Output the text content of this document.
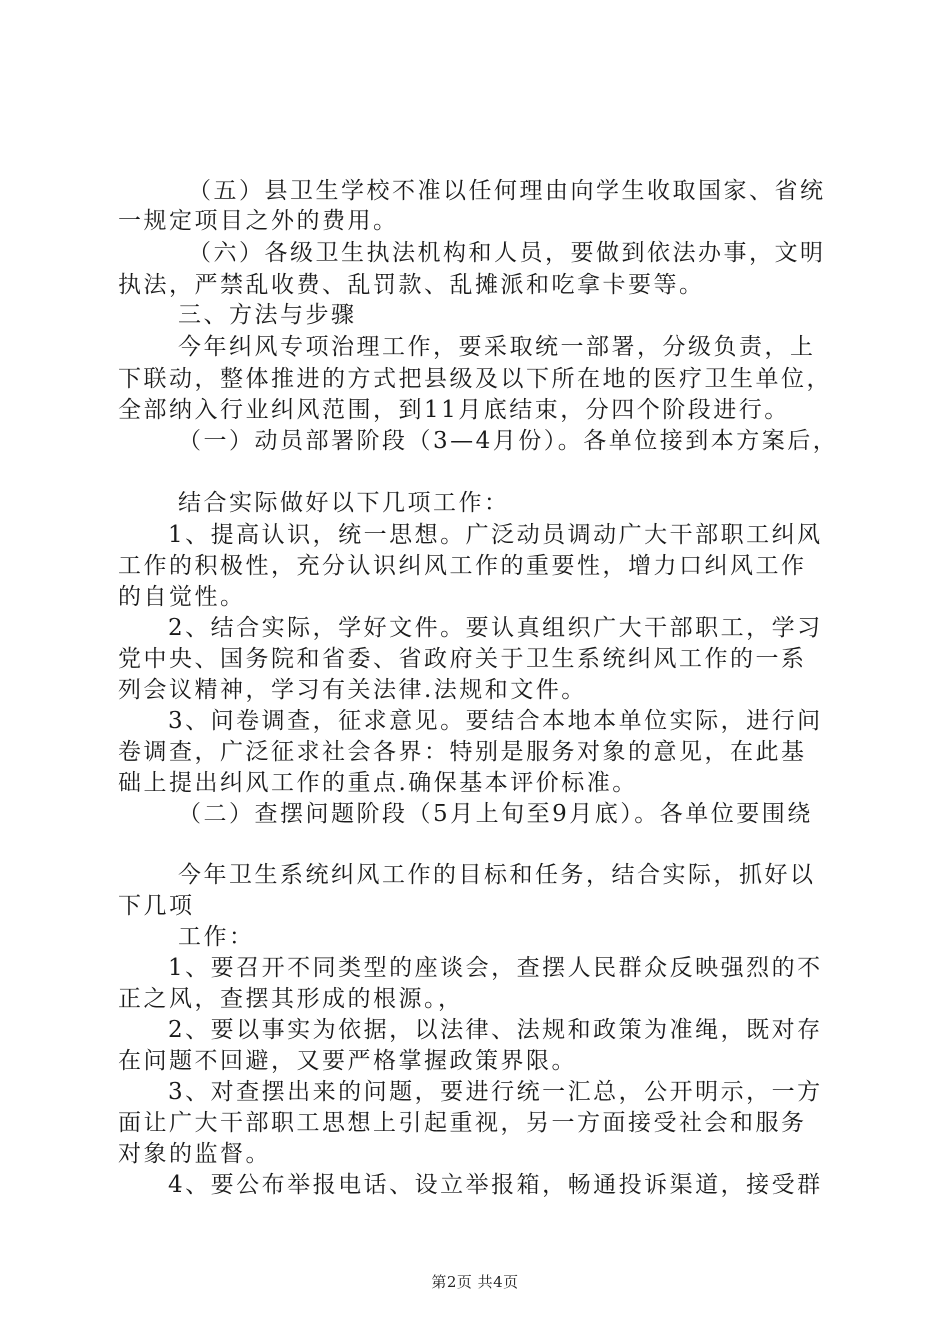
（五）县卫生学校不准以任何理由向学生收取国家、省统
一规定项目之外的费用。
（六）各级卫生执法机构和人员，要做到依法办事，文明
执法，严禁乱收费、乱罚款、乱摊派和吃拿卡要等。
三、方法与步骤
今年纠风专项治理工作，要采取统一部署，分级负责，上
下联动，整体推进的方式把县级及以下所在地的医疗卫生单位，
全部纳入行业纠风范围，到11月底结束，分四个阶段进行。
（一）动员部署阶段（3—4月份）。各单位接到本方案后，
结合实际做好以下几项工作：
1、提高认识，统一思想。广泛动员调动广大干部职工纠风
工作的积极性，充分认识纠风工作的重要性，增力口纠风工作
的自觉性。
2、结合实际，学好文件。要认真组织广大干部职工，学习
党中央、国务院和省委、省政府关于卫生系统纠风工作的一系
列会议精神，学习有关法律.法规和文件。
3、问卷调查，征求意见。要结合本地本单位实际，进行问
卷调查，广泛征求社会各界：特别是服务对象的意见，在此基
础上提出纠风工作的重点.确保基本评价标准。
（二）查摆问题阶段（5月上旬至9月底）。各单位要围绕
今年卫生系统纠风工作的目标和任务，结合实际，抓好以
下几项
工作：
1、要召开不同类型的座谈会，查摆人民群众反映强烈的不
正之风，查摆其形成的根源。，
2、要以事实为依据，以法律、法规和政策为准绳，既对存
在问题不回避，又要严格掌握政策界限。
3、对查摆出来的问题，要进行统一汇总，公开明示，一方
面让广大干部职工思想上引起重视，另一方面接受社会和服务
对象的监督。
4、要公布举报电话、设立举报箱，畅通投诉渠道，接受群
第2页 共4页
